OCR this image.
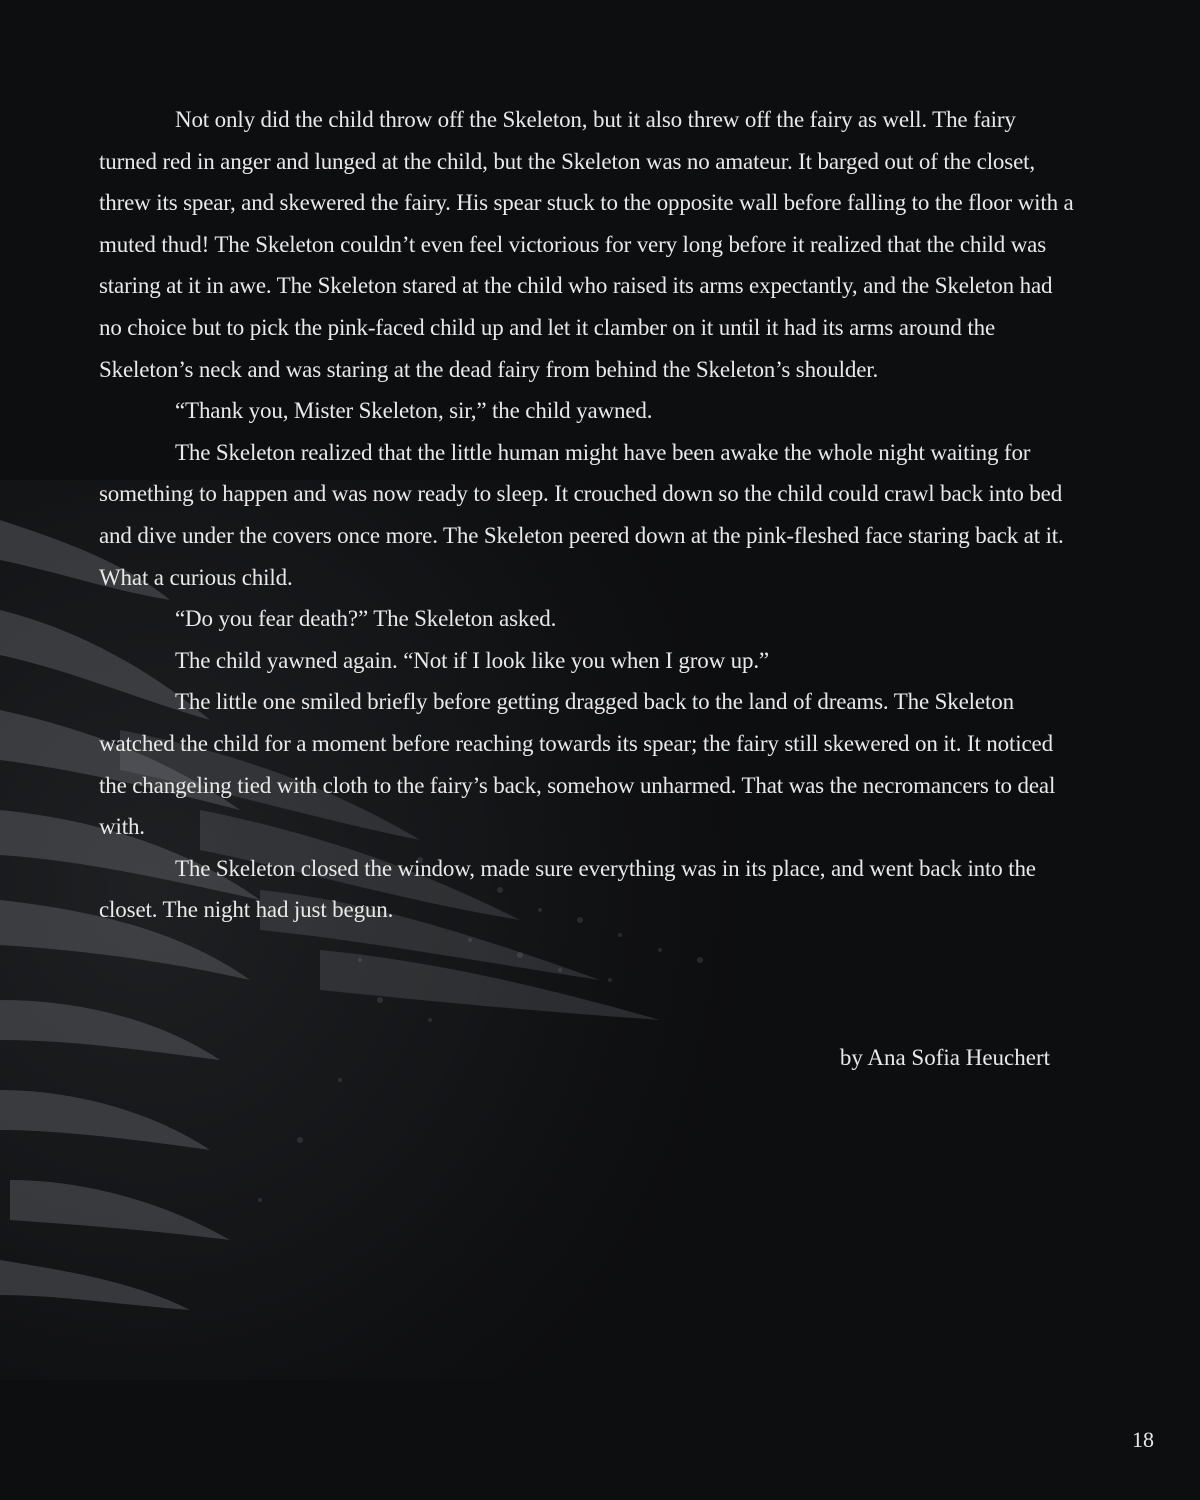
Not only did the child throw off the Skeleton, but it also threw off the fairy as well. The fairy turned red in anger and lunged at the child, but the Skeleton was no amateur. It barged out of the closet, threw its spear, and skewered the fairy. His spear stuck to the opposite wall before falling to the floor with a muted thud! The Skeleton couldn’t even feel victorious for very long before it realized that the child was staring at it in awe. The Skeleton stared at the child who raised its arms expectantly, and the Skeleton had no choice but to pick the pink-faced child up and let it clamber on it until it had its arms around the Skeleton’s neck and was staring at the dead fairy from behind the Skeleton’s shoulder.

“Thank you, Mister Skeleton, sir,” the child yawned.

The Skeleton realized that the little human might have been awake the whole night waiting for something to happen and was now ready to sleep. It crouched down so the child could crawl back into bed and dive under the covers once more. The Skeleton peered down at the pink-fleshed face staring back at it. What a curious child.

“Do you fear death?” The Skeleton asked.

The child yawned again. “Not if I look like you when I grow up.”

The little one smiled briefly before getting dragged back to the land of dreams. The Skeleton watched the child for a moment before reaching towards its spear; the fairy still skewered on it. It noticed the changeling tied with cloth to the fairy’s back, somehow unharmed. That was the necromancers to deal with.

The Skeleton closed the window, made sure everything was in its place, and went back into the closet. The night had just begun.

by Ana Sofia Heuchert
18
